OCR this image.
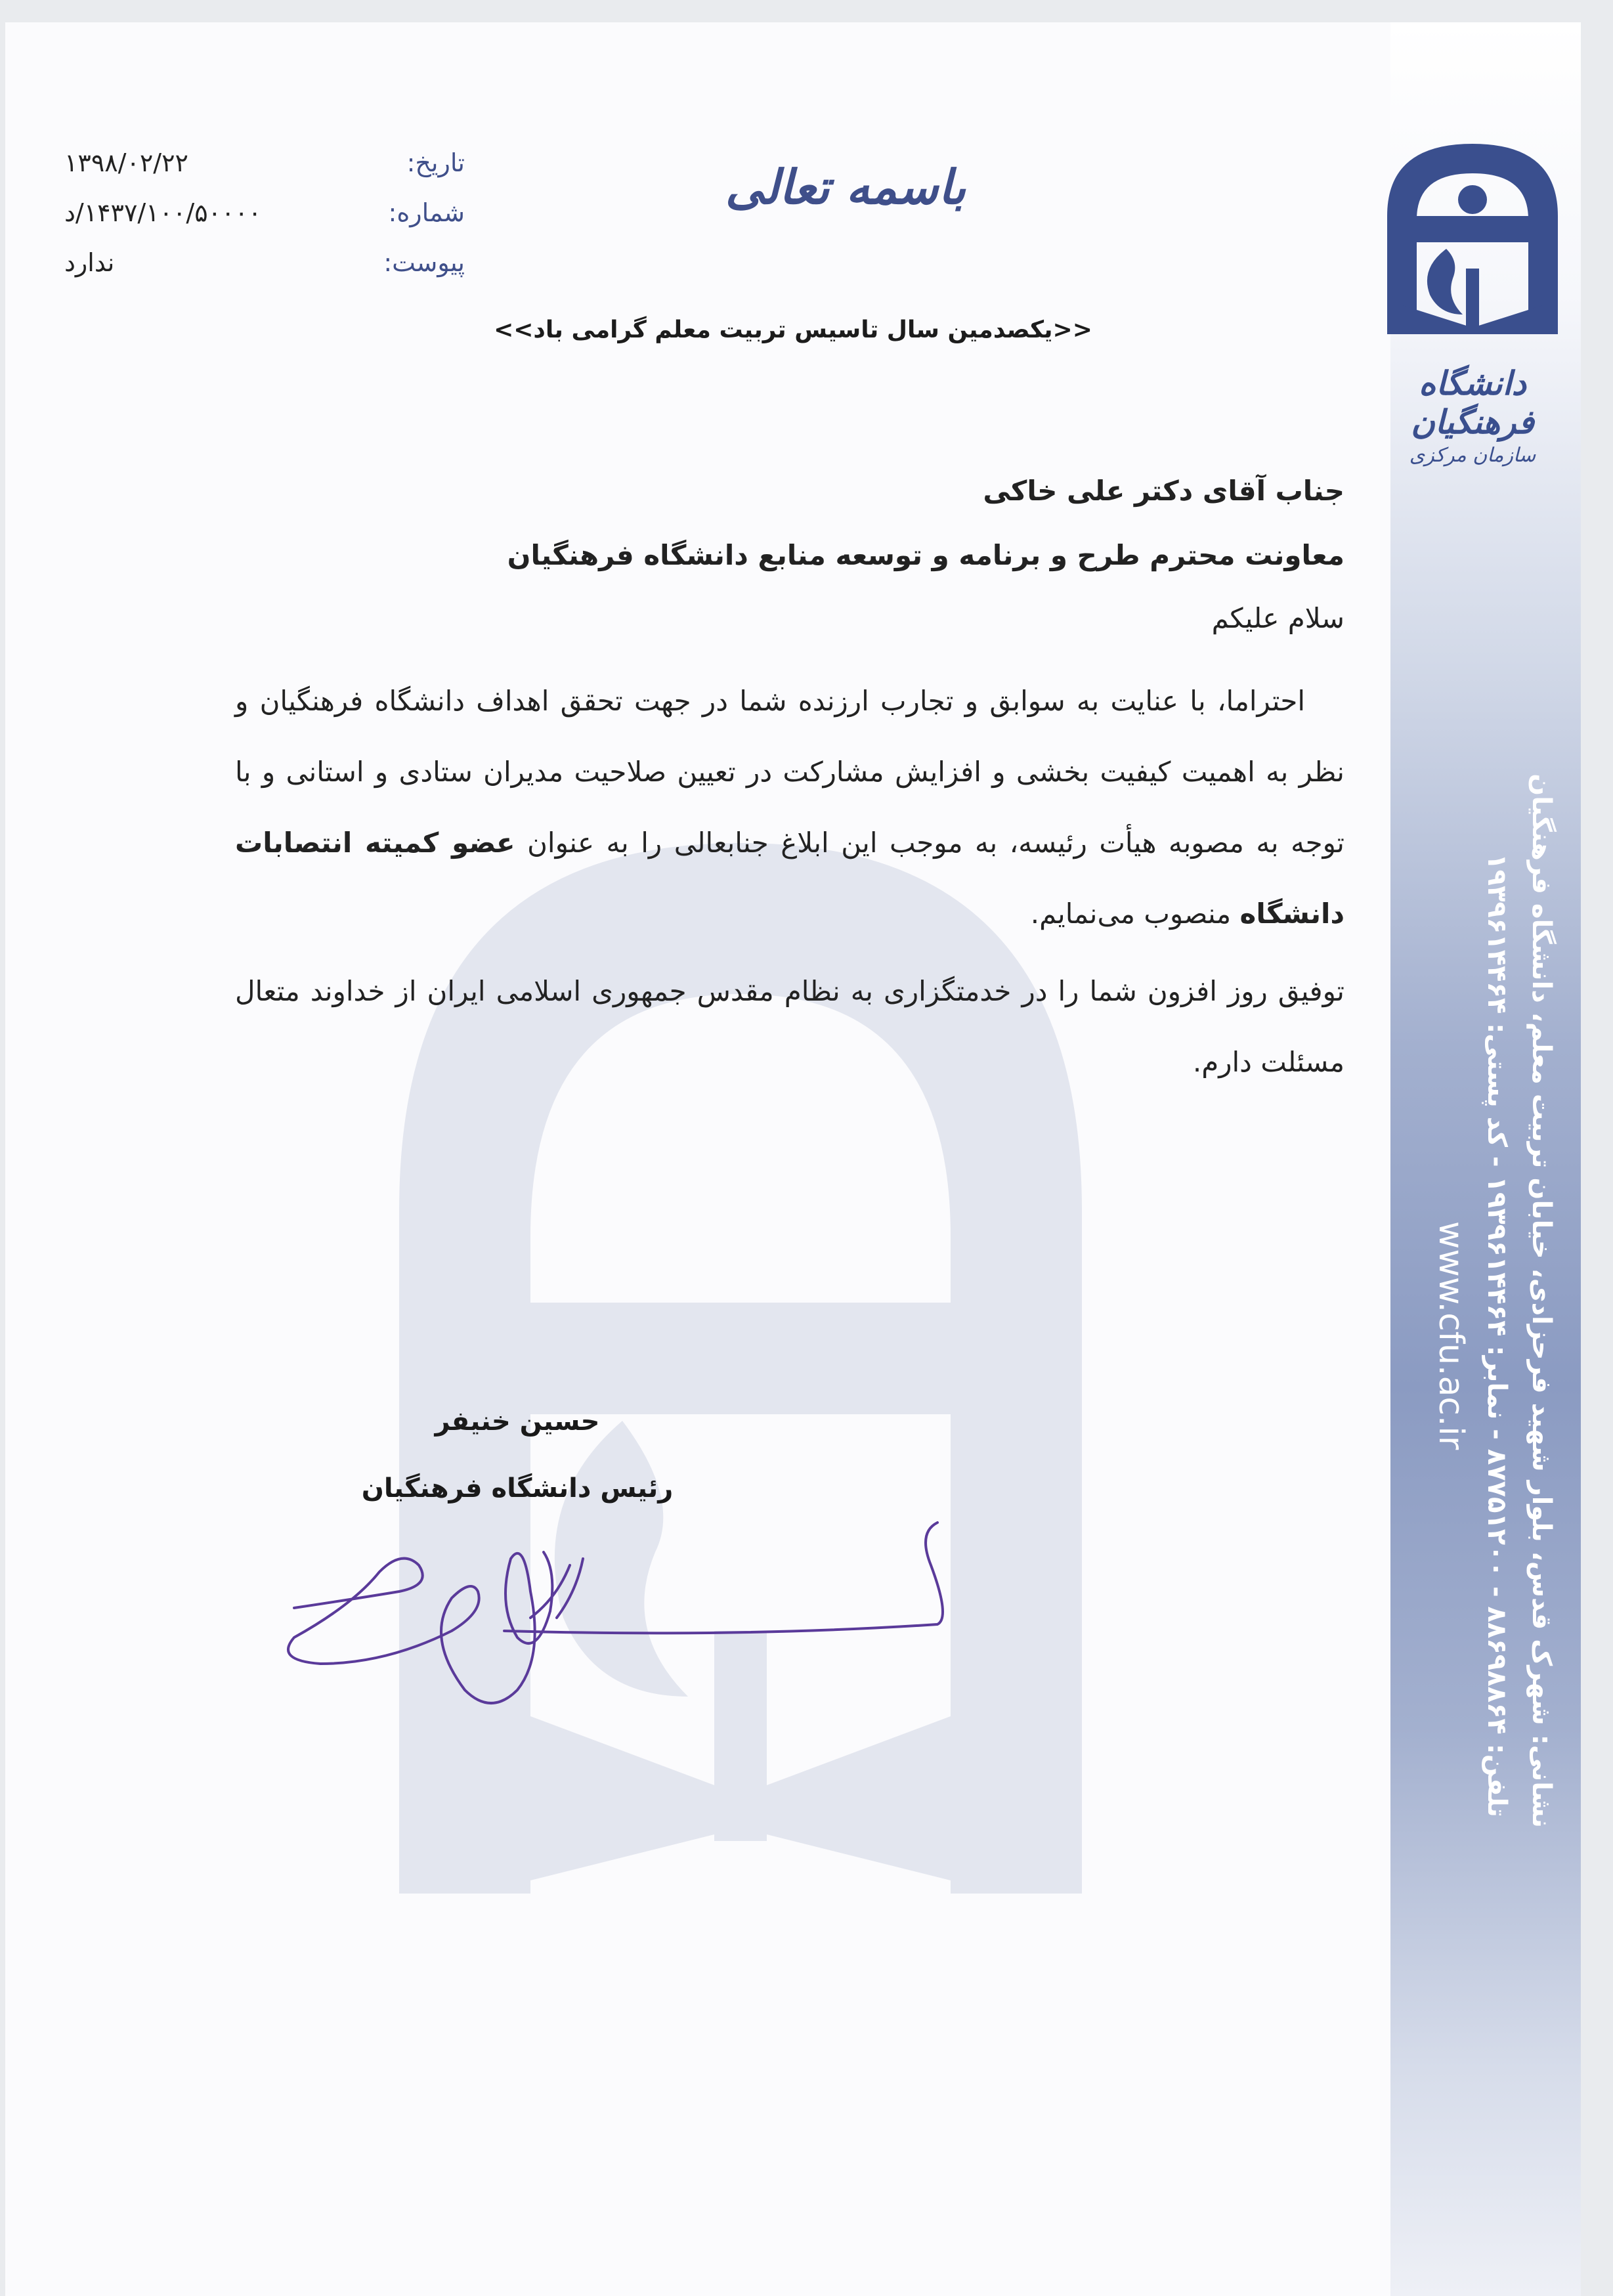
دانشگاه فرهنگیان
سازمان مرکزی
باسمه تعالی
تاریخ:
۱۳۹۸/۰۲/۲۲
شماره:
۱۴۳۷/۱۰۰/۵۰۰۰۰/د
پیوست:
ندارد
<<یکصدمین سال تاسیس تربیت معلم گرامی باد>>
جناب آقای دکتر علی خاکی
معاونت محترم طرح و برنامه و توسعه منابع دانشگاه فرهنگیان
سلام علیکم

احتراما، با عنایت به سوابق و تجارب ارزنده شما در جهت تحقق اهداف دانشگاه فرهنگیان و نظر به اهمیت کیفیت بخشی و افزایش مشارکت در تعیین صلاحیت مدیران ستادی و استانی و با توجه به مصوبه هیأت رئیسه، به موجب این ابلاغ جنابعالی را به عنوان عضو کمیته انتصابات دانشگاه منصوب می‌نمایم.

توفیق روز افزون شما را در خدمتگزاری به نظام مقدس جمهوری اسلامی ایران از خداوند متعال مسئلت دارم.

حسین خنیفر
رئیس دانشگاه فرهنگیان	نشانی: شهرک قدس، بلوار شهید فرحزادی، خیابان تربیت معلم، دانشگاه فرهنگیان
تلفن: ۸۸۶۹۸۸۶۴ - ۸۷۷۵۱۲۰۰ - نمابر: ۱۹۳۹۶۱۴۴۶۴ - کد پستی: ۱۹۳۹۶۱۴۴۶۴
www.cfu.ac.ir
